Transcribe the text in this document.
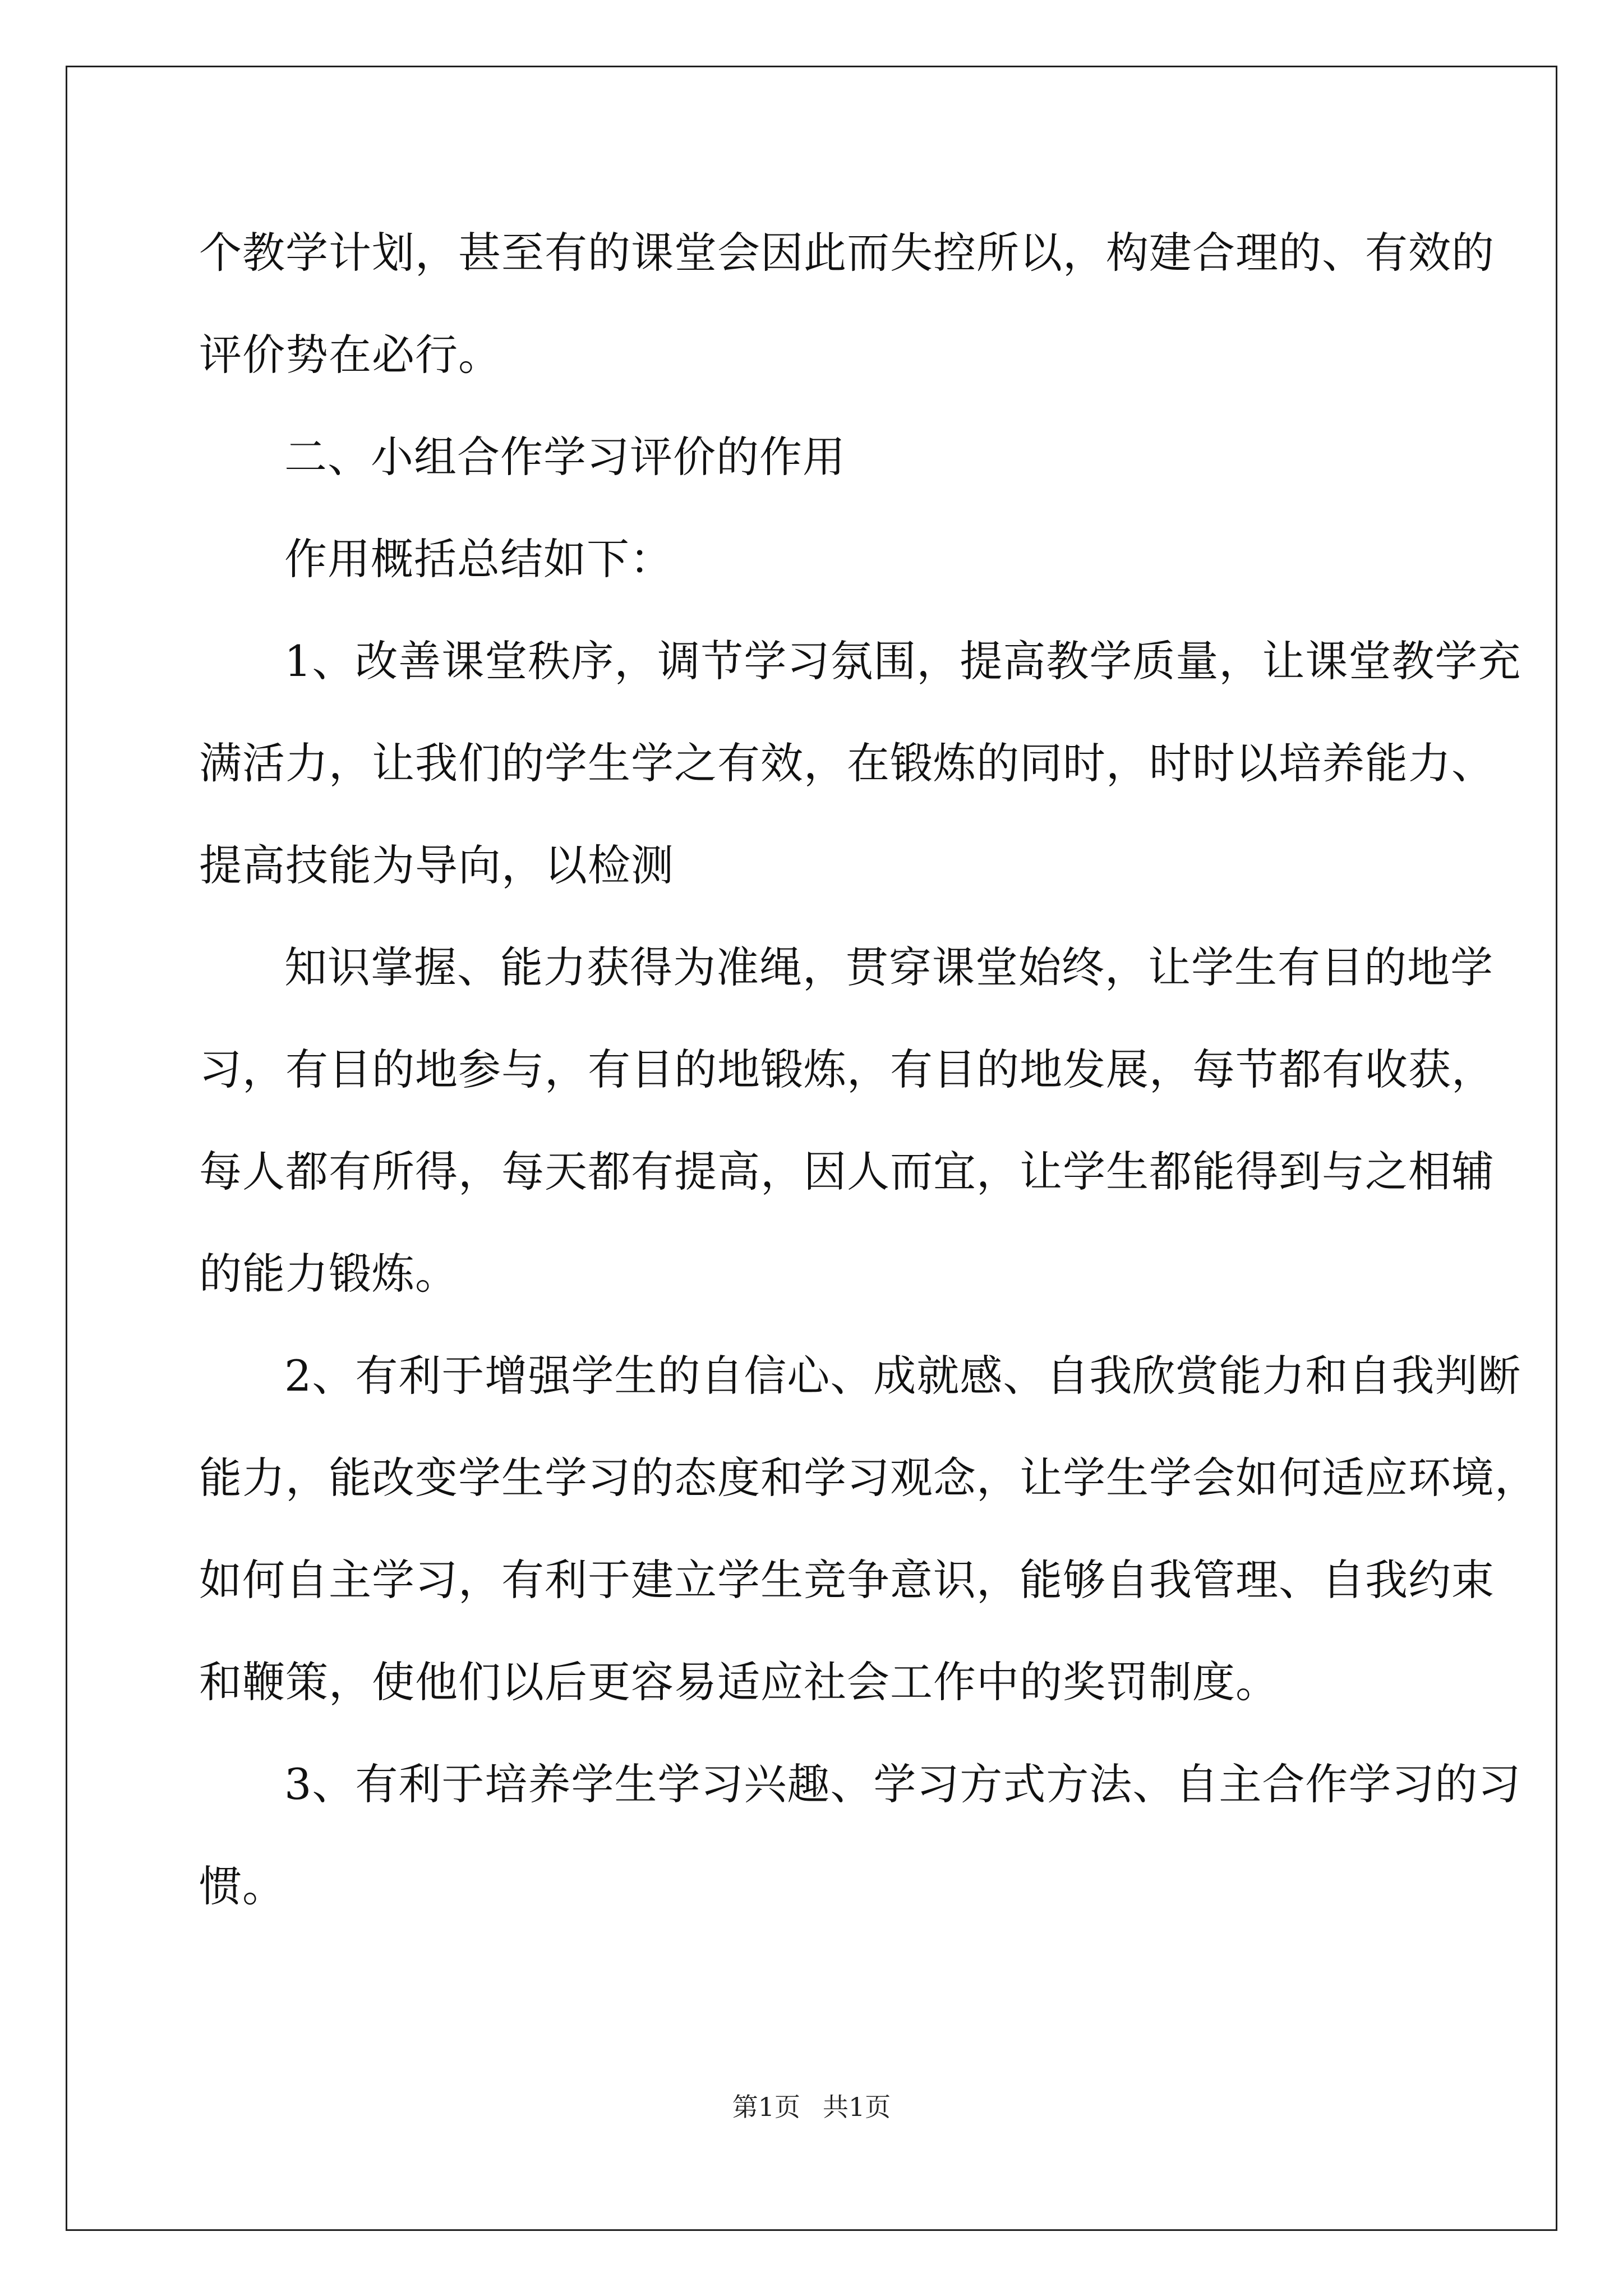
个教学计划，甚至有的课堂会因此而失控所以，构建合理的、有效的

评价势在必行。

二、小组合作学习评价的作用

作用概括总结如下：

1、改善课堂秩序，调节学习氛围，提高教学质量，让课堂教学充

满活力，让我们的学生学之有效，在锻炼的同时，时时以培养能力、

提高技能为导向，以检测

知识掌握、能力获得为准绳，贯穿课堂始终，让学生有目的地学

习，有目的地参与，有目的地锻炼，有目的地发展，每节都有收获，

每人都有所得，每天都有提高，因人而宜，让学生都能得到与之相辅

的能力锻炼。

2、有利于增强学生的自信心、成就感、自我欣赏能力和自我判断

能力，能改变学生学习的态度和学习观念，让学生学会如何适应环境，

如何自主学习，有利于建立学生竞争意识，能够自我管理、自我约束

和鞭策，使他们以后更容易适应社会工作中的奖罚制度。

3、有利于培养学生学习兴趣、学习方式方法、自主合作学习的习

惯。

第1页 共1页
